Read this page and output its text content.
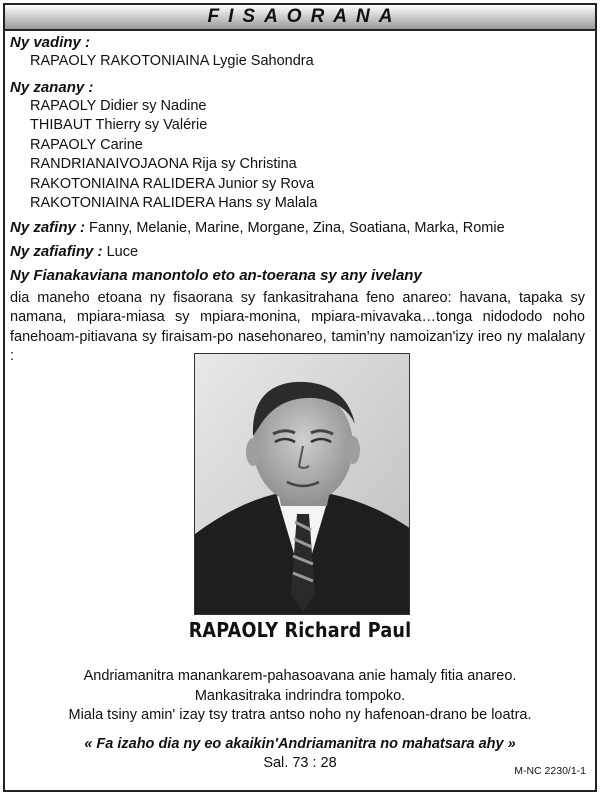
FISAORANA
Ny vadiny :
RAPAOLY RAKOTONIAINA Lygie Sahondra
Ny zanany :
RAPAOLY Didier sy Nadine
THIBAUT Thierry sy Valérie
RAPAOLY Carine
RANDRIANAIVOJAONA Rija sy Christina
RAKOTONIAINA RALIDERA Junior sy Rova
RAKOTONIAINA RALIDERA Hans sy Malala
Ny zafiny : Fanny, Melanie, Marine, Morgane, Zina, Soatiana, Marka, Romie
Ny zafiafiny : Luce
Ny Fianakaviana manontolo eto an-toerana sy any ivelany
dia maneho etoana ny fisaorana sy fankasitrahana feno anareo: havana, tapaka sy namana, mpiara-miasa sy mpiara-monina, mpiara-mivavaka…tonga nidododo noho fanehoam-pitiavana sy firaisam-po nasehonareo, tamin'ny namoizan'izy ireo ny malalany :
RAPAOLY Richard Paul
Andriamanitra manankarem-pahasoavana anie hamaly fitia anareo.
Mankasitraka indrindra tompoko.
Miala tsiny amin' izay tsy tratra antso noho ny hafenoan-drano be loatra.
« Fa izaho dia ny eo akaikin'Andriamanitra no mahatsara ahy »
Sal. 73 : 28	M-NC 2230/1-1
